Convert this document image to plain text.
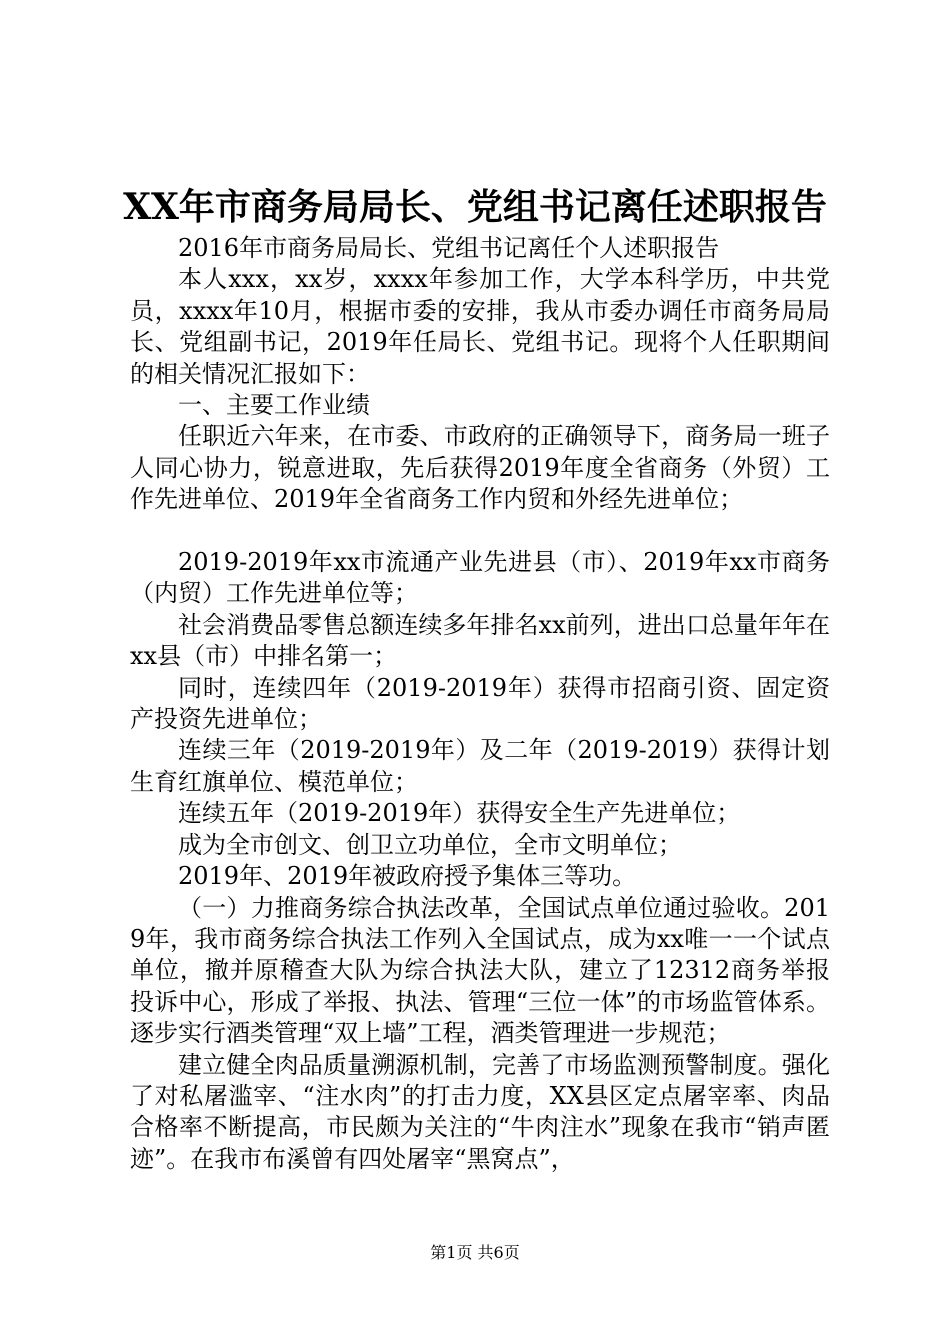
XX年市商务局局长、党组书记离任述职报告

2016年市商务局局长、党组书记离任个人述职报告

本人xxx，xx岁，xxxx年参加工作，大学本科学历，中共党员，xxxx年10月，根据市委的安排，我从市委办调任市商务局局长、党组副书记，2019年任局长、党组书记。现将个人任职期间的相关情况汇报如下：

一、主要工作业绩

任职近六年来，在市委、市政府的正确领导下，商务局一班子人同心协力，锐意进取，先后获得2019年度全省商务（外贸）工作先进单位、2019年全省商务工作内贸和外经先进单位；

2019-2019年xx市流通产业先进县（市）、2019年xx市商务（内贸）工作先进单位等；

社会消费品零售总额连续多年排名xx前列，进出口总量年年在xx县（市）中排名第一；

同时，连续四年（2019-2019年）获得市招商引资、固定资产投资先进单位；

连续三年（2019-2019年）及二年（2019-2019）获得计划生育红旗单位、模范单位；

连续五年（2019-2019年）获得安全生产先进单位；

成为全市创文、创卫立功单位，全市文明单位；

2019年、2019年被政府授予集体三等功。

（一）力推商务综合执法改革，全国试点单位通过验收。2019年，我市商务综合执法工作列入全国试点，成为xx唯一一个试点单位，撤并原稽查大队为综合执法大队，建立了12312商务举报投诉中心，形成了举报、执法、管理“三位一体”的市场监管体系。逐步实行酒类管理“双上墙”工程，酒类管理进一步规范；

建立健全肉品质量溯源机制，完善了市场监测预警制度。强化了对私屠滥宰、“注水肉”的打击力度，XX县区定点屠宰率、肉品合格率不断提高，市民颇为关注的“牛肉注水”现象在我市“销声匿迹”。在我市布溪曾有四处屠宰“黑窝点”，

第1页 共6页
